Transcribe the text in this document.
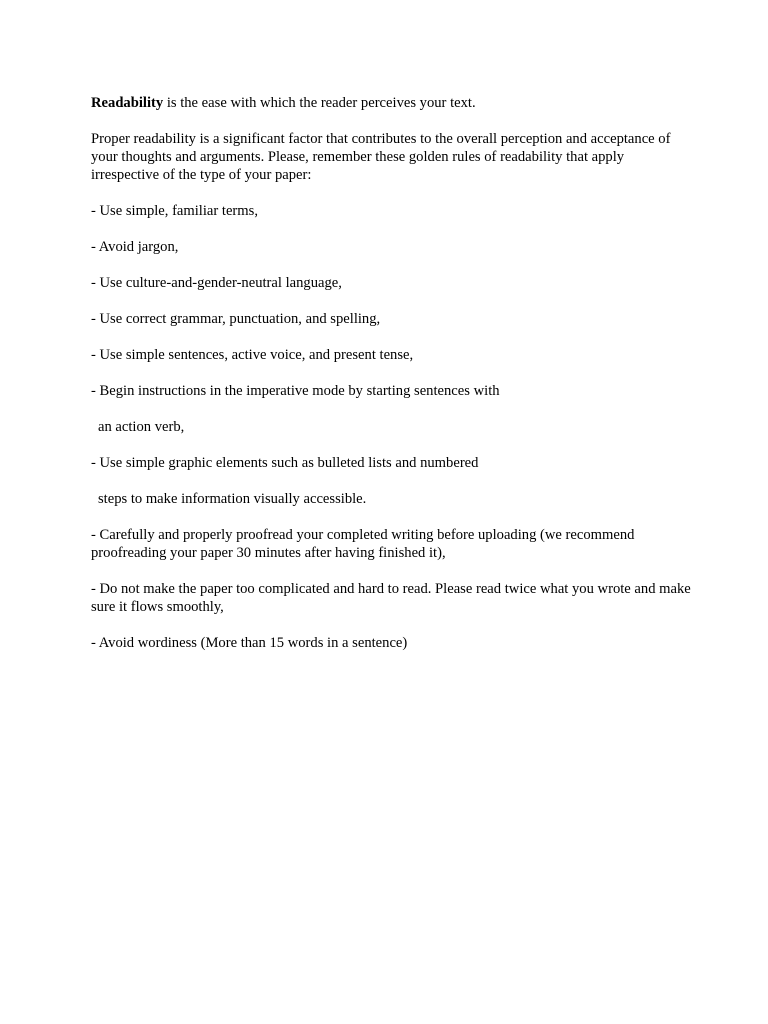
Readability is the ease with which the reader perceives your text.

Proper readability is a significant factor that contributes to the overall perception and acceptance of your thoughts and arguments. Please, remember these golden rules of readability that apply irrespective of the type of your paper:

- Use simple, familiar terms,

- Avoid jargon,

- Use culture-and-gender-neutral language,

- Use correct grammar, punctuation, and spelling,

- Use simple sentences, active voice, and present tense,

- Begin instructions in the imperative mode by starting sentences with

an action verb,

- Use simple graphic elements such as bulleted lists and numbered

steps to make information visually accessible.

- Carefully and properly proofread your completed writing before uploading (we recommend proofreading your paper 30 minutes after having finished it),

- Do not make the paper too complicated and hard to read. Please read twice what you wrote and make sure it flows smoothly,

- Avoid wordiness (More than 15 words in a sentence)
